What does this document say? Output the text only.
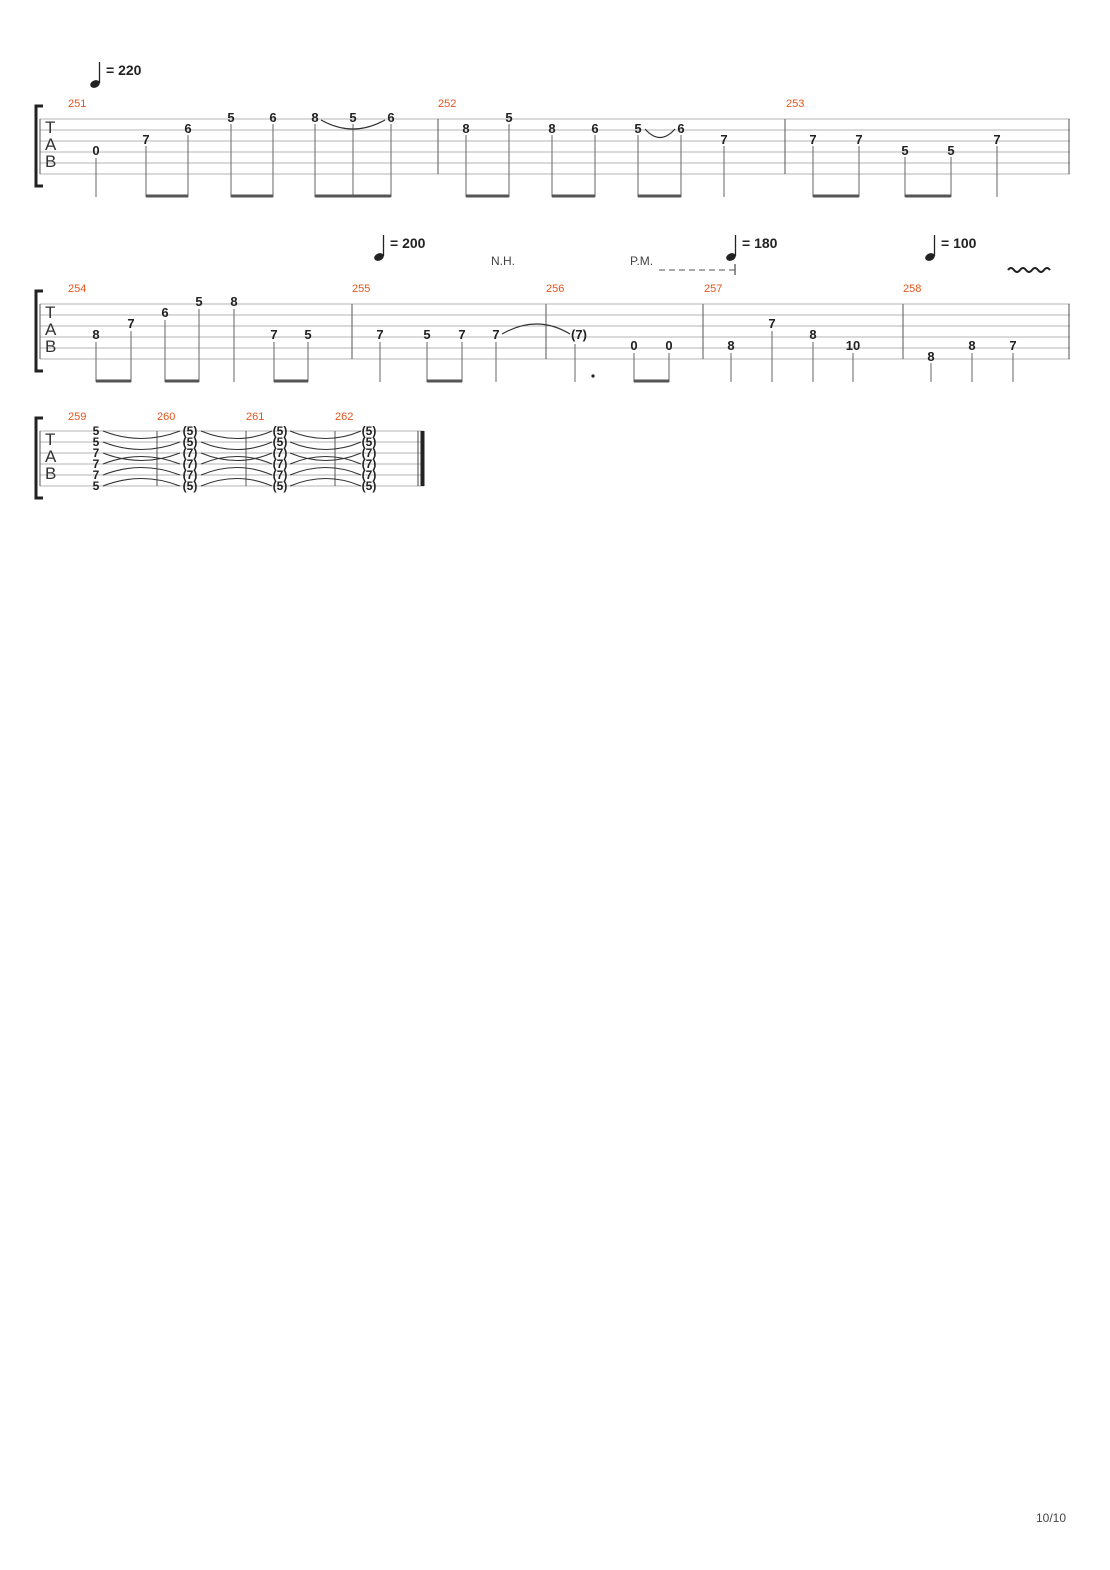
= 220
251	252	253
T
A
B
0
7
6
5	6	8 5 6
8
5
8	6	5	6
7	7	7
5	5
7
= 200	= 180	= 100
N.H.	P.M.
254	255	256	257	258
T
A
B
8
7
6
5 8
7 5	7	5 7 7	(7)
0 0	8
7
8
10
8
8	7
259	260	261	262
T
A
B
5
5
7
7
7
5
(5)
(5)
(7)
(7)
(7)
(5)
(5)
(5)
(7)
(7)
(7)
(5)
(5)
(5)
(7)
(7)
(7)
(5)
10/10
